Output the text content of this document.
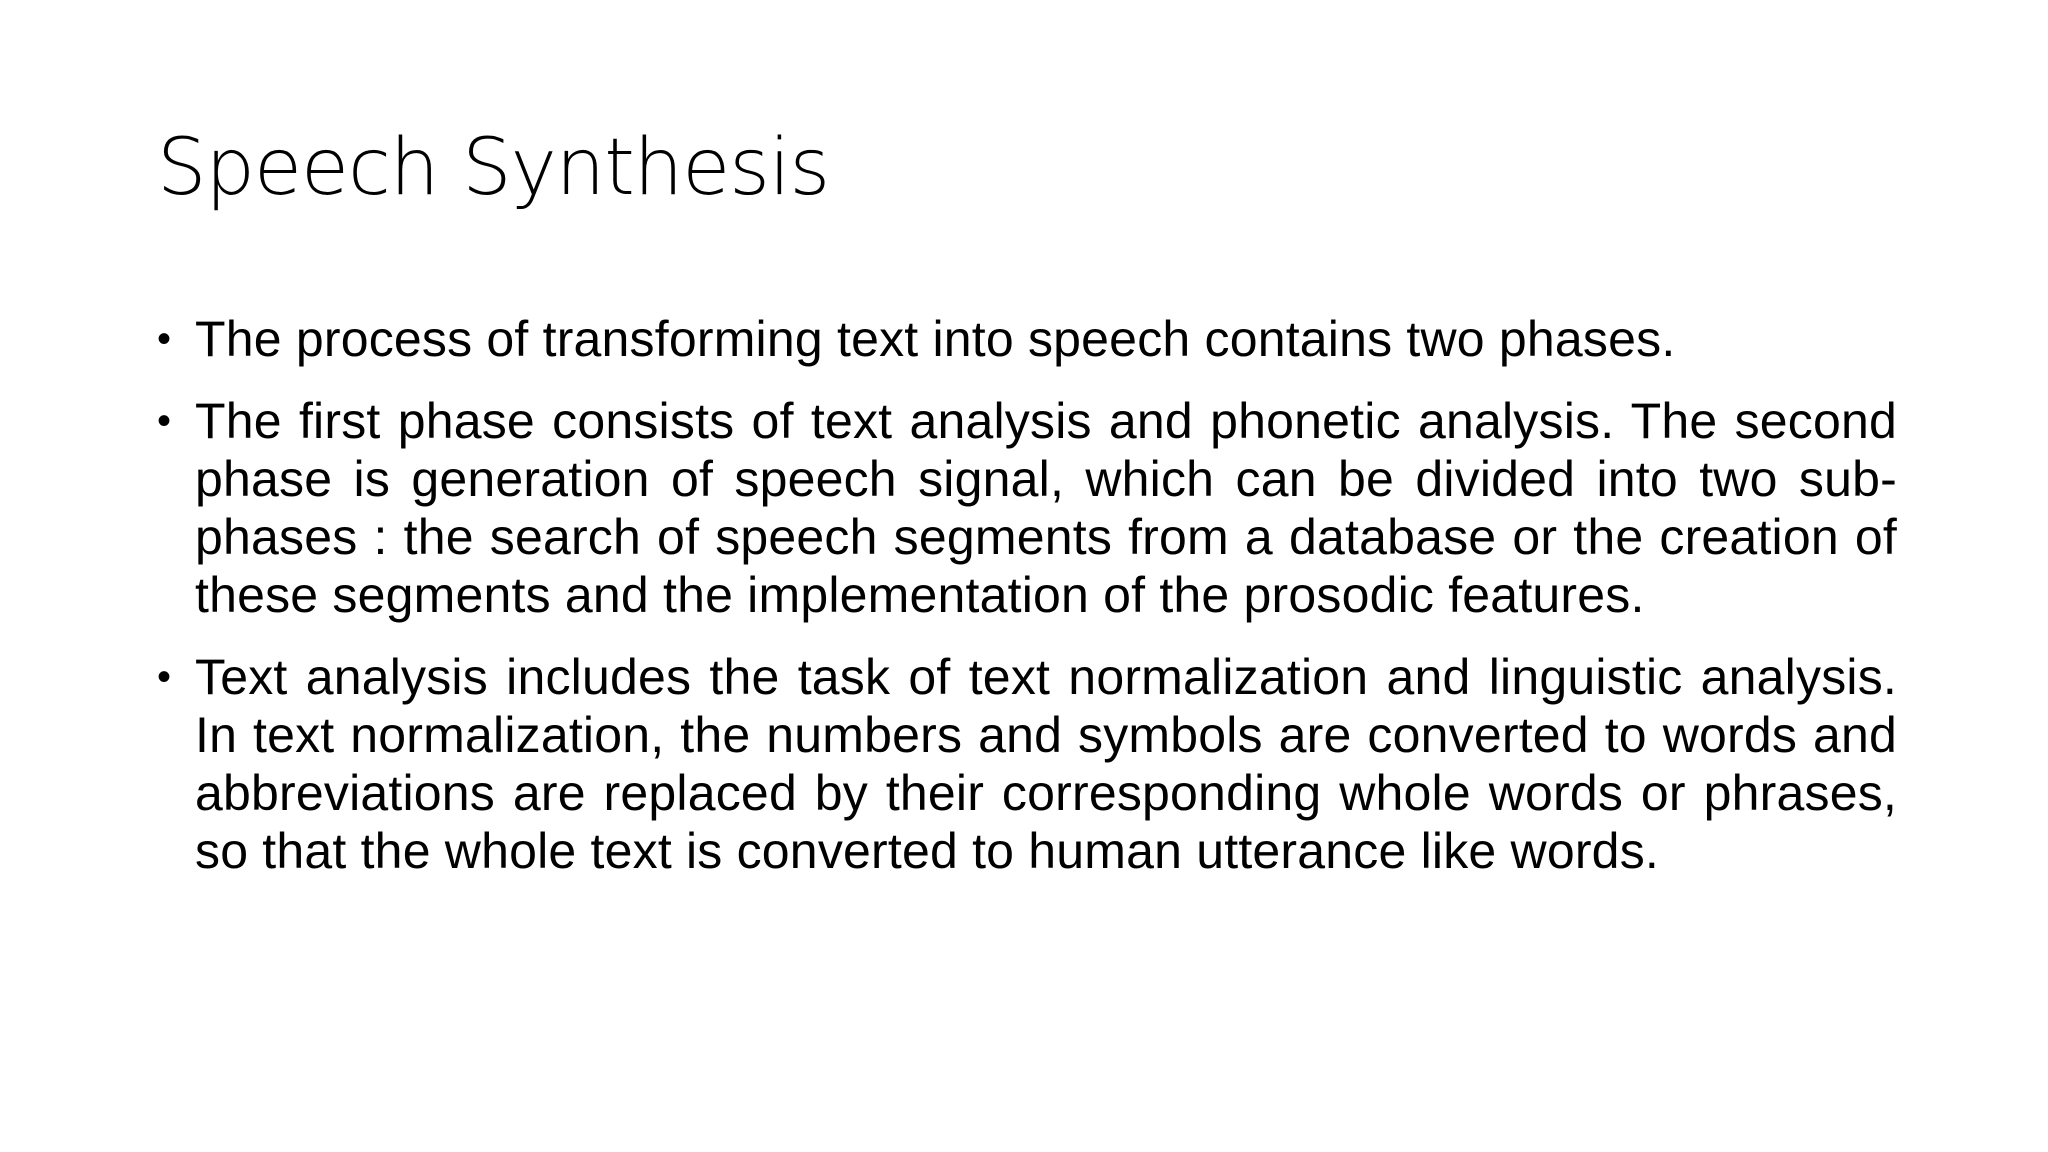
Speech Synthesis
• The process of transforming text into speech contains two phases.
• The first phase consists of text analysis and phonetic analysis. The second phase is generation of speech signal, which can be divided into two sub-phases : the search of speech segments from a database or the creation of these segments and the implementation of the prosodic features.
• Text analysis includes the task of text normalization and linguistic analysis. In text normalization, the numbers and symbols are converted to words and abbreviations are replaced by their corresponding whole words or phrases, so that the whole text is converted to human utterance like words.
